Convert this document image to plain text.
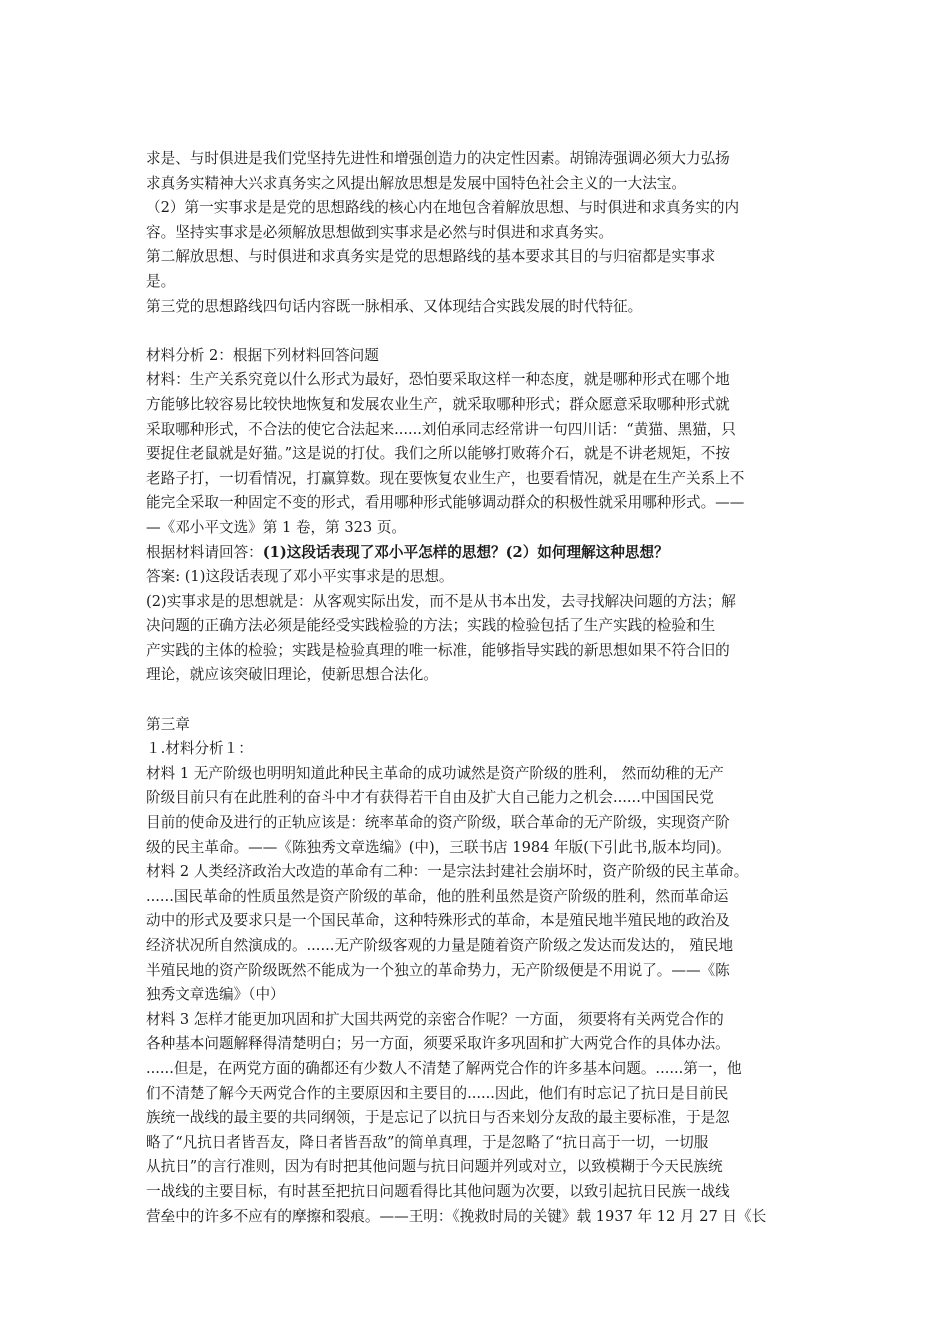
求是、与时俱进是我们党坚持先进性和增强创造力的决定性因素。胡锦涛强调必须大力弘扬
求真务实精神大兴求真务实之风提出解放思想是发展中国特色社会主义的一大法宝。
（2）第一实事求是是党的思想路线的核心内在地包含着解放思想、与时俱进和求真务实的内
容。坚持实事求是必须解放思想做到实事求是必然与时俱进和求真务实。
第二解放思想、与时俱进和求真务实是党的思想路线的基本要求其目的与归宿都是实事求
是。
第三党的思想路线四句话内容既一脉相承、又体现结合实践发展的时代特征。
材料分析 2：根据下列材料回答问题
材料：生产关系究竟以什么形式为最好，恐怕要采取这样一种态度，就是哪种形式在哪个地
方能够比较容易比较快地恢复和发展农业生产，就采取哪种形式；群众愿意采取哪种形式就
采取哪种形式，不合法的使它合法起来......刘伯承同志经常讲一句四川话：“黄猫、黑猫，只
要捉住老鼠就是好猫。”这是说的打仗。我们之所以能够打败蒋介石，就是不讲老规矩，不按
老路子打，一切看情况，打赢算数。现在要恢复农业生产，也要看情况，就是在生产关系上不
能完全采取一种固定不变的形式，看用哪种形式能够调动群众的积极性就采用哪种形式。——
—《邓小平文选》第 1 卷，第 323 页。
根据材料请回答：(1)这段话表现了邓小平怎样的思想？(2）如何理解这种思想？
答案: (1)这段话表现了邓小平实事求是的思想。
(2)实事求是的思想就是：从客观实际出发，而不是从书本出发，去寻找解决问题的方法；解
决问题的正确方法必须是能经受实践检验的方法；实践的检验包括了生产实践的检验和生
产实践的主体的检验；实践是检验真理的唯一标准，能够指导实践的新思想如果不符合旧的
理论，就应该突破旧理论，使新思想合法化。
第三章
１.材料分析１：
材料 1 无产阶级也明明知道此种民主革命的成功诚然是资产阶级的胜利， 然而幼稚的无产
阶级目前只有在此胜利的奋斗中才有获得若干自由及扩大自己能力之机会......中国国民党
目前的使命及进行的正轨应该是：统率革命的资产阶级，联合革命的无产阶级，实现资产阶
级的民主革命。——《陈独秀文章选编》(中)，三联书店 1984 年版(下引此书,版本均同)。
材料 2 人类经济政治大改造的革命有二种：一是宗法封建社会崩坏时，资产阶级的民主革命。
......国民革命的性质虽然是资产阶级的革命，他的胜利虽然是资产阶级的胜利，然而革命运
动中的形式及要求只是一个国民革命，这种特殊形式的革命，本是殖民地半殖民地的政治及
经济状况所自然演成的。......无产阶级客观的力量是随着资产阶级之发达而发达的， 殖民地
半殖民地的资产阶级既然不能成为一个独立的革命势力，无产阶级便是不用说了。——《陈
独秀文章选编》（中）
材料 3 怎样才能更加巩固和扩大国共两党的亲密合作呢？一方面， 须要将有关两党合作的
各种基本问题解释得清楚明白；另一方面，须要采取许多巩固和扩大两党合作的具体办法。
......但是，在两党方面的确都还有少数人不清楚了解两党合作的许多基本问题。......第一，他
们不清楚了解今天两党合作的主要原因和主要目的......因此，他们有时忘记了抗日是目前民
族统一战线的最主要的共同纲领，于是忘记了以抗日与否来划分友敌的最主要标准，于是忽
略了“凡抗日者皆吾友，降日者皆吾敌”的简单真理，于是忽略了“抗日高于一切，一切服
从抗日”的言行准则，因为有时把其他问题与抗日问题并列或对立，以致模糊于今天民族统
一战线的主要目标，有时甚至把抗日问题看得比其他问题为次要，以致引起抗日民族一战线
营垒中的许多不应有的摩擦和裂痕。——王明：《挽救时局的关键》载 1937 年 12 月 27 日《长
